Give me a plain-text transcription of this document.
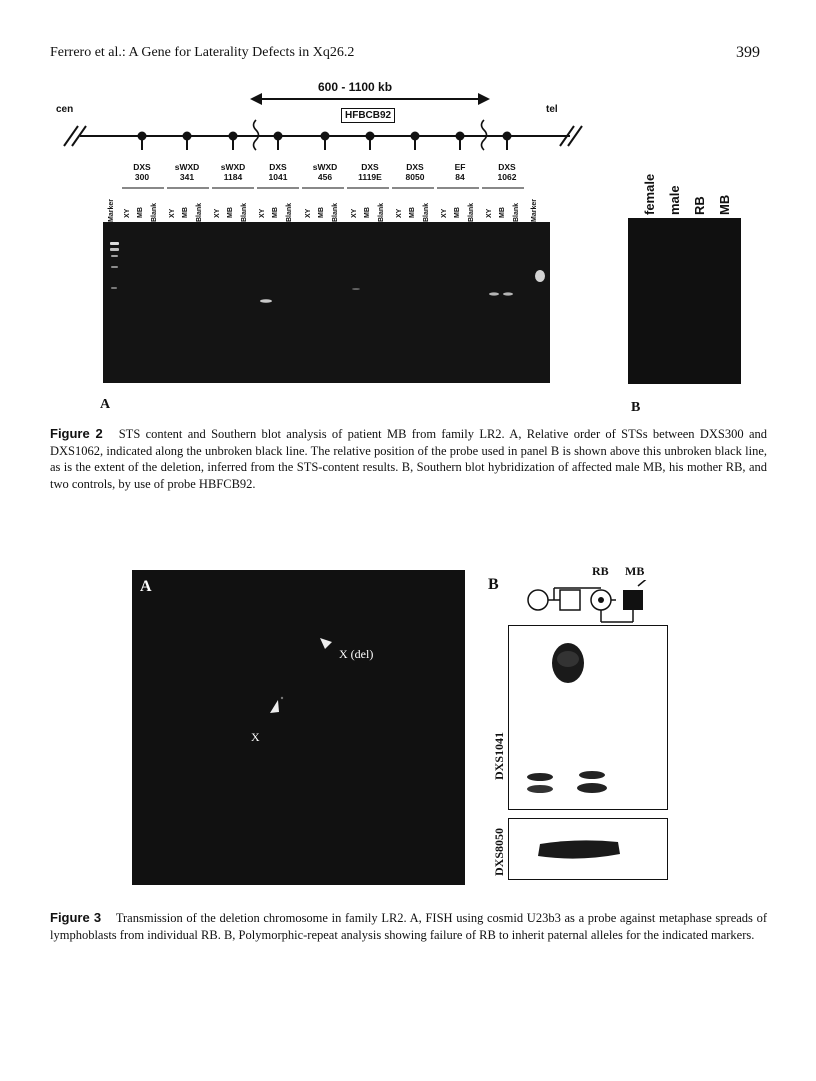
Ferrero et al.: A Gene for Laterality Defects in Xq26.2	399
600 - 1100 kb
HFBCB92
cen	tel
DXS
300
sWXD
341
sWXD
1184
DXS
1041
sWXD
456
DXS
1119E
DXS
8050
EF
84
DXS
1062
Marker XY MB Blank XY MB Blank XY MB Blank XY MB Blank XY MB Blank XY MB Blank XY MB Blank XY MB Blank XY MB Blank Marker	female male RB MB
A	B
Figure 2 STS content and Southern blot analysis of patient MB from family LR2. A, Relative order of STSs between DXS300 and DXS1062, indicated along the unbroken black line. The relative position of the probe used in panel B is shown above this unbroken black line, as is the extent of the deletion, inferred from the STS-content results. B, Southern blot hybridization of affected male MB, his mother RB, and two controls, by use of probe HBFCB92.
A
X (del)
X
B
RB MB
DXS1041
DXS8050
Figure 3 Transmission of the deletion chromosome in family LR2. A, FISH using cosmid U23b3 as a probe against metaphase spreads of lymphoblasts from individual RB. B, Polymorphic-repeat analysis showing failure of RB to inherit paternal alleles for the indicated markers.
